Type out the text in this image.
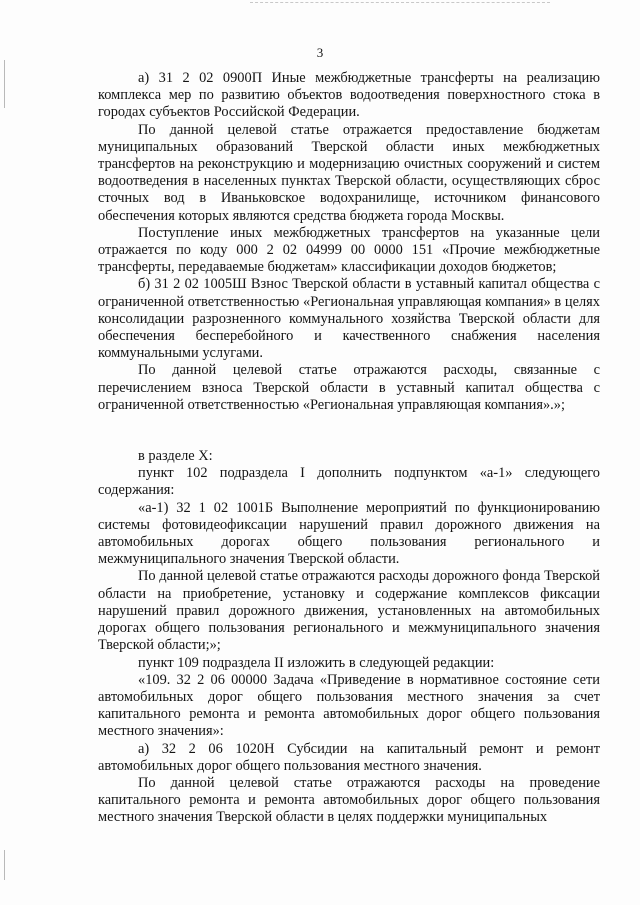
3

а) 31 2 02 0900П Иные межбюджетные трансферты на реализацию комплекса мер по развитию объектов водоотведения поверхностного стока в городах субъектов Российской Федерации.

По данной целевой статье отражается предоставление бюджетам муниципальных образований Тверской области иных межбюджетных трансфертов на реконструкцию и модернизацию очистных сооружений и систем водоотведения в населенных пунктах Тверской области, осуществляющих сброс сточных вод в Иваньковское водохранилище, источником финансового обеспечения которых являются средства бюджета города Москвы.

Поступление иных межбюджетных трансфертов на указанные цели отражается по коду 000 2 02 04999 00 0000 151 «Прочие межбюджетные трансферты, передаваемые бюджетам» классификации доходов бюджетов;

б) 31 2 02 1005Ш Взнос Тверской области в уставный капитал общества с ограниченной ответственностью «Региональная управляющая компания» в целях консолидации разрозненного коммунального хозяйства Тверской области для обеспечения бесперебойного и качественного снабжения населения коммунальными услугами.

По данной целевой статье отражаются расходы, связанные с перечислением взноса Тверской области в уставный капитал общества с ограниченной ответственностью «Региональная управляющая компания».»;

в разделе X:

пункт 102 подраздела I дополнить подпунктом «а-1» следующего содержания:

«а-1) 32 1 02 1001Б Выполнение мероприятий по функционированию системы фотовидеофиксации нарушений правил дорожного движения на автомобильных дорогах общего пользования регионального и межмуниципального значения Тверской области.

По данной целевой статье отражаются расходы дорожного фонда Тверской области на приобретение, установку и содержание комплексов фиксации нарушений правил дорожного движения, установленных на автомобильных дорогах общего пользования регионального и межмуниципального значения Тверской области;»;

пункт 109 подраздела II изложить в следующей редакции:

«109. 32 2 06 00000 Задача «Приведение в нормативное состояние сети автомобильных дорог общего пользования местного значения за счет капитального ремонта и ремонта автомобильных дорог общего пользования местного значения»:

а) 32 2 06 1020Н Субсидии на капитальный ремонт и ремонт автомобильных дорог общего пользования местного значения.

По данной целевой статье отражаются расходы на проведение капитального ремонта и ремонта автомобильных дорог общего пользования местного значения Тверской области в целях поддержки муниципальных
